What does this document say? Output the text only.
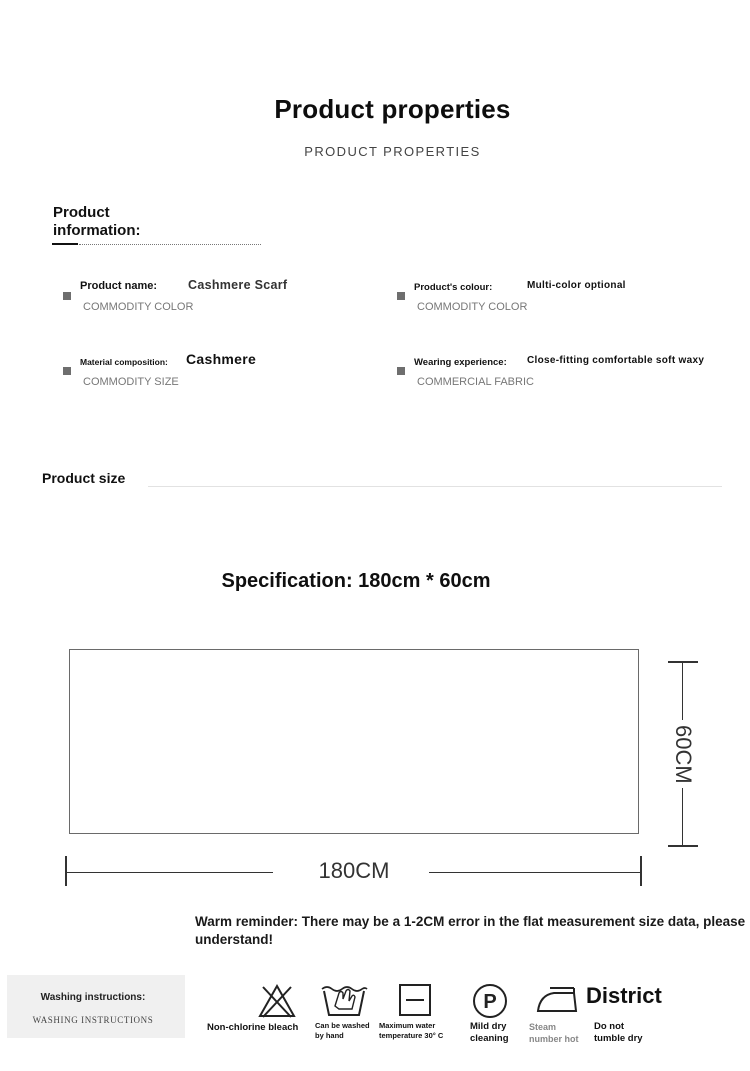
Product properties
PRODUCT PROPERTIES
Product information:
Product name: Cashmere Scarf
COMMODITY COLOR
Product's colour:	Multi-color optional
COMMODITY COLOR
Material composition: Cashmere
COMMODITY SIZE
Wearing experience: Close-fitting comfortable soft waxy
COMMERCIAL FABRIC
Product size
Specification: 180cm * 60cm
180CM
60CM
Warm reminder: There may be a 1-2CM error in the flat measurement size data, please understand!
Washing instructions:
WASHING INSTRUCTIONS
Non-chlorine bleach Can be washed by hand
Maximum water temperature 30° C
P
Mild dry cleaning
Steam number hot
District
Do not tumble dry
